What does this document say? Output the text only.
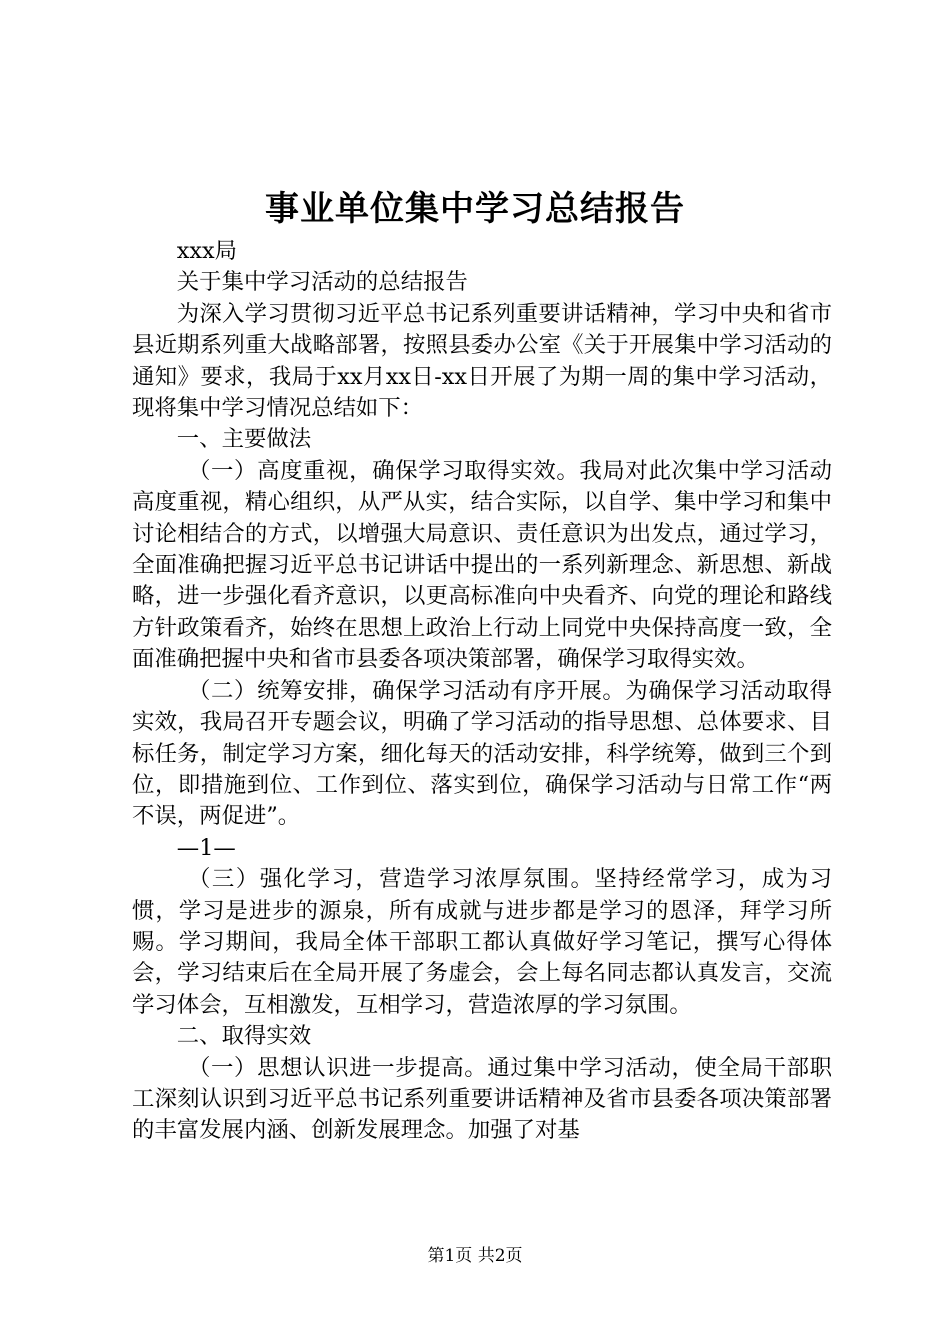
事业单位集中学习总结报告

xxx局

关于集中学习活动的总结报告

为深入学习贯彻习近平总书记系列重要讲话精神，学习中央和省市县近期系列重大战略部署，按照县委办公室《关于开展集中学习活动的通知》要求，我局于xx月xx日-xx日开展了为期一周的集中学习活动，现将集中学习情况总结如下：

一、主要做法

（一）高度重视，确保学习取得实效。我局对此次集中学习活动高度重视，精心组织，从严从实，结合实际，以自学、集中学习和集中讨论相结合的方式，以增强大局意识、责任意识为出发点，通过学习，全面准确把握习近平总书记讲话中提出的一系列新理念、新思想、新战略，进一步强化看齐意识，以更高标准向中央看齐、向党的理论和路线方针政策看齐，始终在思想上政治上行动上同党中央保持高度一致，全面准确把握中央和省市县委各项决策部署，确保学习取得实效。

（二）统筹安排，确保学习活动有序开展。为确保学习活动取得实效，我局召开专题会议，明确了学习活动的指导思想、总体要求、目标任务，制定学习方案，细化每天的活动安排，科学统筹，做到三个到位，即措施到位、工作到位、落实到位，确保学习活动与日常工作“两不误，两促进”。

—1—

（三）强化学习，营造学习浓厚氛围。坚持经常学习，成为习惯，学习是进步的源泉，所有成就与进步都是学习的恩泽，拜学习所赐。学习期间，我局全体干部职工都认真做好学习笔记，撰写心得体会，学习结束后在全局开展了务虚会，会上每名同志都认真发言，交流学习体会，互相激发，互相学习，营造浓厚的学习氛围。

二、取得实效

（一）思想认识进一步提高。通过集中学习活动，使全局干部职工深刻认识到习近平总书记系列重要讲话精神及省市县委各项决策部署的丰富发展内涵、创新发展理念。加强了对基

第1页 共2页
